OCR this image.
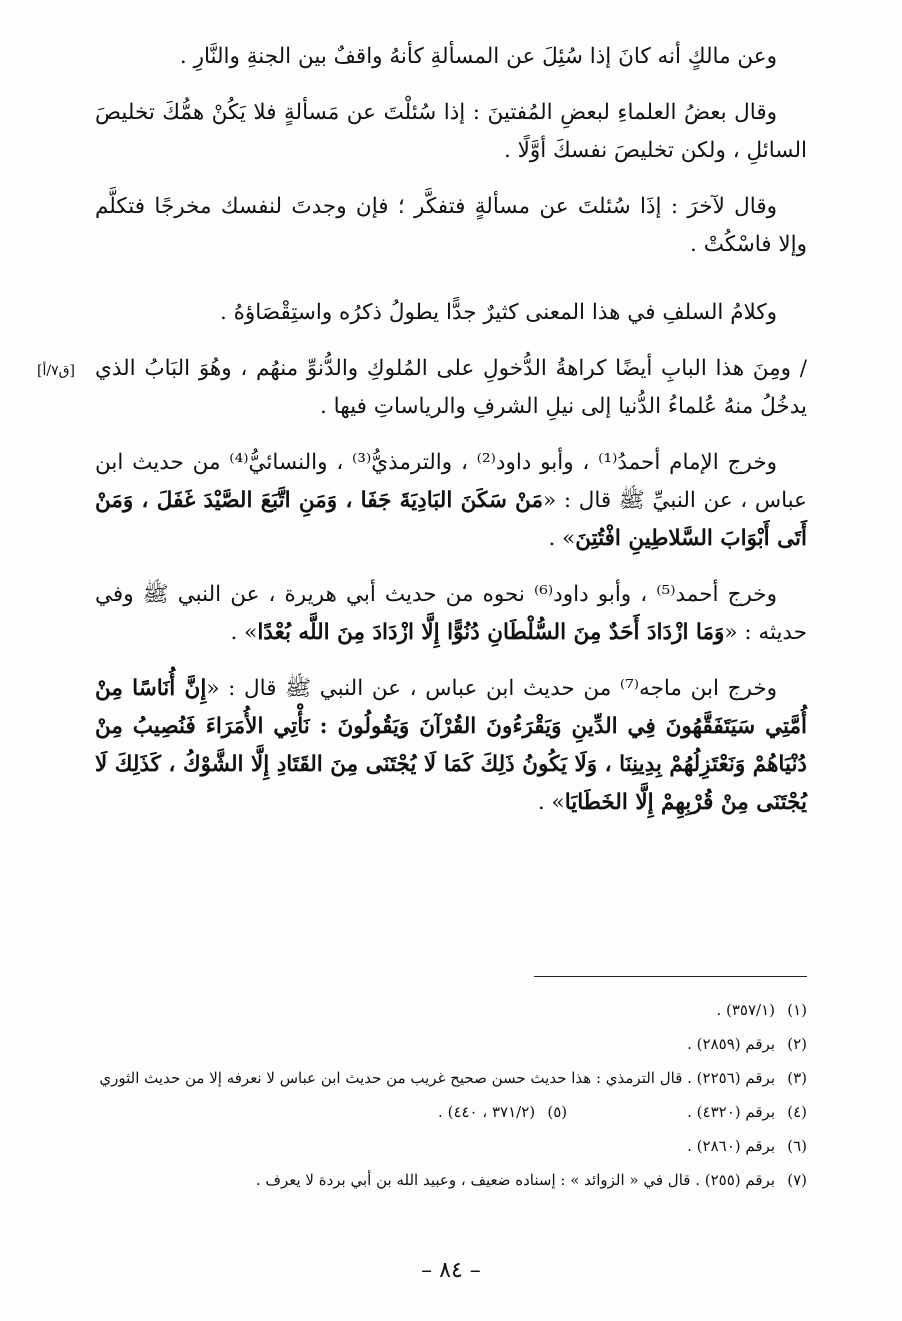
وعن مالكٍ أنه كانَ إذا سُئِلَ عن المسألةِ كأنهُ واقفٌ بين الجنةِ والنَّارِ .

وقال بعضُ العلماءِ لبعضِ المُفتينَ : إذا سُئلْتَ عن مَسألةٍ فلا يَكُنْ همُّكَ تخليصَ السائلِ ، ولكن تخليصَ نفسكَ أوَّلًا .

وقال لآخرَ : إذَا سُئلتَ عن مسألةٍ فتفكَّر ؛ فإن وجدتَ لنفسك مخرجًا فتكلَّم وإلا فاسْكُتْ .

وكلامُ السلفِ في هذا المعنى كثيرٌ جدًّا يطولُ ذكرُه واستِقْصَاؤهُ .

[ق٧/أ] / ومِنَ هذا البابِ أيضًا كراهةُ الدُّخولِ على المُلوكِ والدُّنوِّ منهُم ، وهُوَ البَابُ الذي يدخُلُ منهُ عُلماءُ الدُّنيا إلى نيلِ الشرفِ والرياساتِ فيها .

وخرج الإمام أحمدُ⁽¹⁾ ، وأبو داود⁽²⁾ ، والترمذيُّ⁽³⁾ ، والنسائيُّ⁽⁴⁾ من حديث ابن عباس ، عن النبيِّ ﷺ قال : «مَنْ سَكَنَ البَادِيَةَ جَفَا ، وَمَنِ اتَّبَعَ الصَّيْدَ غَفَلَ ، وَمَنْ أَتَى أَبْوَابَ السَّلاطِينِ افْتُتِنَ» .

وخرج أحمد⁽⁵⁾ ، وأبو داود⁽⁶⁾ نحوه من حديث أبي هريرة ، عن النبي ﷺ وفي حديثه : «وَمَا ازْدَادَ أَحَدٌ مِنَ السُّلْطَانِ دُنُوًّا إِلَّا ازْدَادَ مِنَ اللَّه بُعْدًا» .

وخرج ابن ماجه⁽⁷⁾ من حديث ابن عباس ، عن النبي ﷺ قال : «إِنَّ أُنَاسًا مِنْ أُمَّتِي سَيَتَفَقَّهُونَ فِي الدِّينِ وَيَقْرَءُونَ القُرْآنَ وَيَقُولُونَ : نَأْتِي الأُمَرَاءَ فَنُصِيبُ مِنْ دُنْيَاهُمْ وَنَعْتَزِلُهُمْ بِدِينِنَا ، وَلَا يَكُونُ ذَلِكَ كَمَا لَا يُجْتَنَى مِنَ القَتَادِ إِلَّا الشَّوْكُ ، كَذَلِكَ لَا يُجْتَنَى مِنْ قُرْبِهِمْ إِلَّا الخَطَايَا» .

(١)
(٣٥٧/١) .
(٢)
برقم (٢٨٥٩) .
(٣)
برقم (٢٢٥٦) . قال الترمذي : هذا حديث حسن صحيح غريب من حديث ابن عباس لا نعرفه إلا من حديث الثوري
(٤)
برقم (٤٣٢٠) .
(٥)
(٣٧١/٢ ، ٤٤٠) .
(٦)
برقم (٢٨٦٠) .
(٧)
برقم (٢٥٥) . قال في « الزوائد » : إسناده ضعيف ، وعبيد الله بن أبي بردة لا يعرف .
– ٨٤ –
